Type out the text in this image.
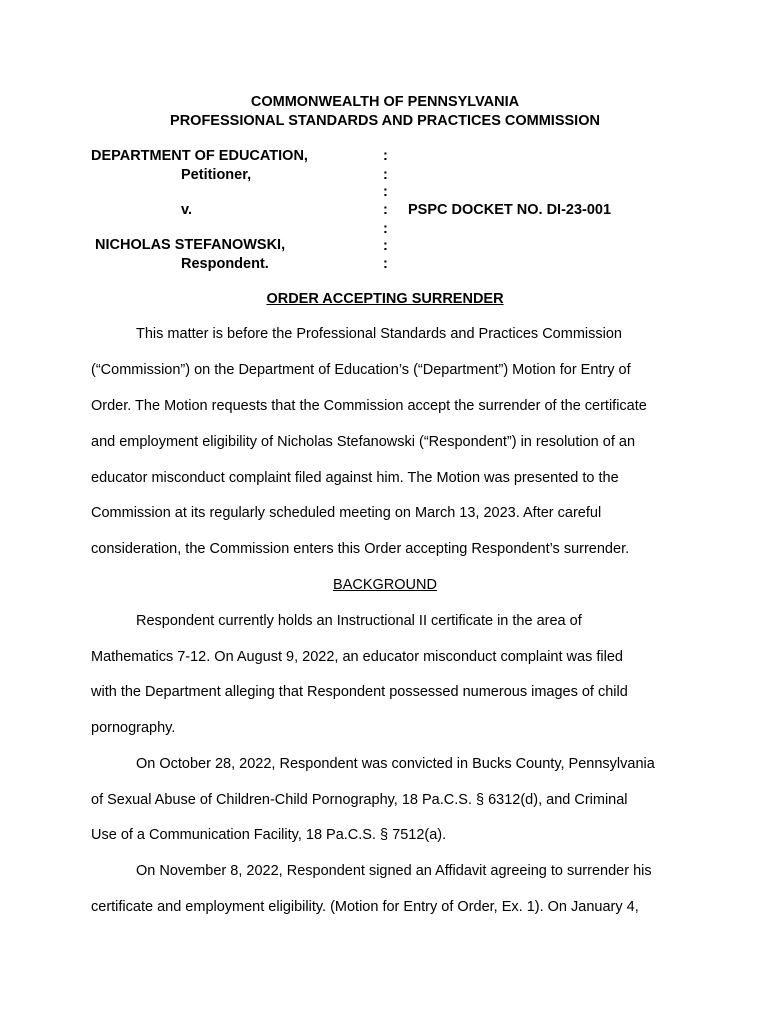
COMMONWEALTH OF PENNSYLVANIA
PROFESSIONAL STANDARDS AND PRACTICES COMMISSION
DEPARTMENT OF EDUCATION,
Petitioner,
v.
NICHOLAS STEFANOWSKI,
Respondent.
:
:
:
:
:
:
:
PSPC DOCKET NO. DI-23-001
ORDER ACCEPTING SURRENDER
This matter is before the Professional Standards and Practices Commission
(“Commission”) on the Department of Education’s (“Department”) Motion for Entry of
Order. The Motion requests that the Commission accept the surrender of the certificate
and employment eligibility of Nicholas Stefanowski (“Respondent”) in resolution of an
educator misconduct complaint filed against him. The Motion was presented to the
Commission at its regularly scheduled meeting on March 13, 2023. After careful
consideration, the Commission enters this Order accepting Respondent’s surrender.
BACKGROUND
Respondent currently holds an Instructional II certificate in the area of
Mathematics 7-12. On August 9, 2022, an educator misconduct complaint was filed
with the Department alleging that Respondent possessed numerous images of child
pornography.
On October 28, 2022, Respondent was convicted in Bucks County, Pennsylvania
of Sexual Abuse of Children-Child Pornography, 18 Pa.C.S. § 6312(d), and Criminal
Use of a Communication Facility, 18 Pa.C.S. § 7512(a).
On November 8, 2022, Respondent signed an Affidavit agreeing to surrender his
certificate and employment eligibility. (Motion for Entry of Order, Ex. 1). On January 4,
